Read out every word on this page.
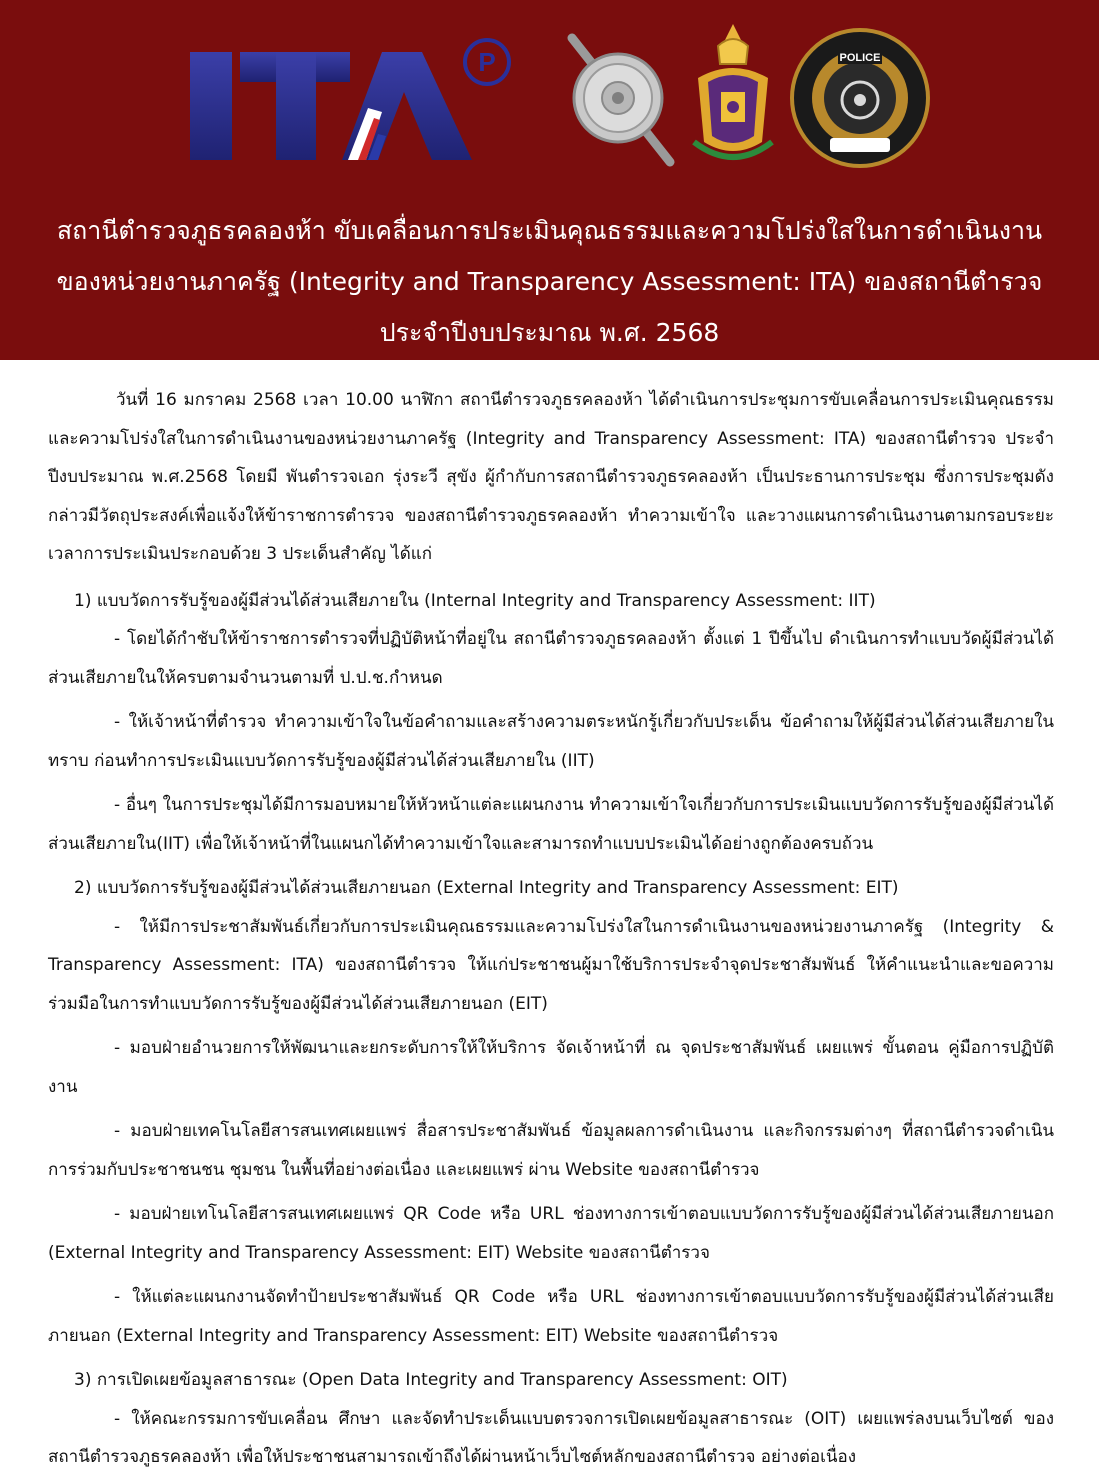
P	POLICE
สถานีตำรวจภูธรคลองห้า ขับเคลื่อนการประเมินคุณธรรมและความโปร่งใสในการดำเนินงาน
ของหน่วยงานภาครัฐ (Integrity and Transparency Assessment: ITA) ของสถานีตำรวจ
ประจำปีงบประมาณ พ.ศ. 2568

วันที่ 16 มกราคม 2568 เวลา 10.00 นาฬิกา สถานีตำรวจภูธรคลองห้า ได้ดำเนินการประชุมการขับเคลื่อนการประเมินคุณธรรมและความโปร่งใสในการดำเนินงานของหน่วยงานภาครัฐ (Integrity and Transparency Assessment: ITA) ของสถานีตำรวจ ประจำปีงบประมาณ พ.ศ.2568 โดยมี พันตำรวจเอก รุ่งระวี สุขัง ผู้กำกับการสถานีตำรวจภูธรคลองห้า เป็นประธานการประชุม ซึ่งการประชุมดังกล่าวมีวัตถุประสงค์เพื่อแจ้งให้ข้าราชการตำรวจ ของสถานีตำรวจภูธรคลองห้า ทำความเข้าใจ และวางแผนการดำเนินงานตามกรอบระยะเวลาการประเมินประกอบด้วย 3 ประเด็นสำคัญ ได้แก่

1) แบบวัดการรับรู้ของผู้มีส่วนได้ส่วนเสียภายใน (Internal Integrity and Transparency Assessment: IIT)

- โดยได้กำชับให้ข้าราชการตำรวจที่ปฏิบัติหน้าที่อยู่ใน สถานีตำรวจภูธรคลองห้า ตั้งแต่ 1 ปีขึ้นไป ดำเนินการทำแบบวัดผู้มีส่วนได้ส่วนเสียภายในให้ครบตามจำนวนตามที่ ป.ป.ช.กำหนด

- ให้เจ้าหน้าที่ตำรวจ ทำความเข้าใจในข้อคำถามและสร้างความตระหนักรู้เกี่ยวกับประเด็น ข้อคำถามให้ผู้มีส่วนได้ส่วนเสียภายในทราบ ก่อนทำการประเมินแบบวัดการรับรู้ของผู้มีส่วนได้ส่วนเสียภายใน (IIT)

- อื่นๆ ในการประชุมได้มีการมอบหมายให้หัวหน้าแต่ละแผนกงาน ทำความเข้าใจเกี่ยวกับการประเมินแบบวัดการรับรู้ของผู้มีส่วนได้ส่วนเสียภายใน(IIT) เพื่อให้เจ้าหน้าที่ในแผนกได้ทำความเข้าใจและสามารถทำแบบประเมินได้อย่างถูกต้องครบถ้วน

2) แบบวัดการรับรู้ของผู้มีส่วนได้ส่วนเสียภายนอก (External Integrity and Transparency Assessment: EIT)

- ให้มีการประชาสัมพันธ์เกี่ยวกับการประเมินคุณธรรมและความโปร่งใสในการดำเนินงานของหน่วยงานภาครัฐ (Integrity & Transparency Assessment: ITA) ของสถานีตำรวจ ให้แก่ประชาชนผู้มาใช้บริการประจำจุดประชาสัมพันธ์ ให้คำแนะนำและขอความร่วมมือในการทำแบบวัดการรับรู้ของผู้มีส่วนได้ส่วนเสียภายนอก (EIT)

- มอบฝ่ายอำนวยการให้พัฒนาและยกระดับการให้ให้บริการ จัดเจ้าหน้าที่ ณ จุดประชาสัมพันธ์ เผยแพร่ ขั้นตอน คู่มือการปฏิบัติงาน

- มอบฝ่ายเทคโนโลยีสารสนเทศเผยแพร่ สื่อสารประชาสัมพันธ์ ข้อมูลผลการดำเนินงาน และกิจกรรมต่างๆ ที่สถานีตำรวจดำเนินการร่วมกับประชาชนชน ชุมชน ในพื้นที่อย่างต่อเนื่อง และเผยแพร่ ผ่าน Website ของสถานีตำรวจ

- มอบฝ่ายเทโนโลยีสารสนเทศเผยแพร่ QR Code หรือ URL ช่องทางการเข้าตอบแบบวัดการรับรู้ของผู้มีส่วนได้ส่วนเสียภายนอก (External Integrity and Transparency Assessment: EIT) Website ของสถานีตำรวจ

- ให้แต่ละแผนกงานจัดทำป้ายประชาสัมพันธ์ QR Code หรือ URL ช่องทางการเข้าตอบแบบวัดการรับรู้ของผู้มีส่วนได้ส่วนเสียภายนอก (External Integrity and Transparency Assessment: EIT) Website ของสถานีตำรวจ

3) การเปิดเผยข้อมูลสาธารณะ (Open Data Integrity and Transparency Assessment: OIT)

- ให้คณะกรรมการขับเคลื่อน ศึกษา และจัดทำประเด็นแบบตรวจการเปิดเผยข้อมูลสาธารณะ (OIT) เผยแพร่ลงบนเว็บไซต์ ของสถานีตำรวจภูธรคลองห้า เพื่อให้ประชาชนสามารถเข้าถึงได้ผ่านหน้าเว็บไซต์หลักของสถานีตำรวจ อย่างต่อเนื่อง
